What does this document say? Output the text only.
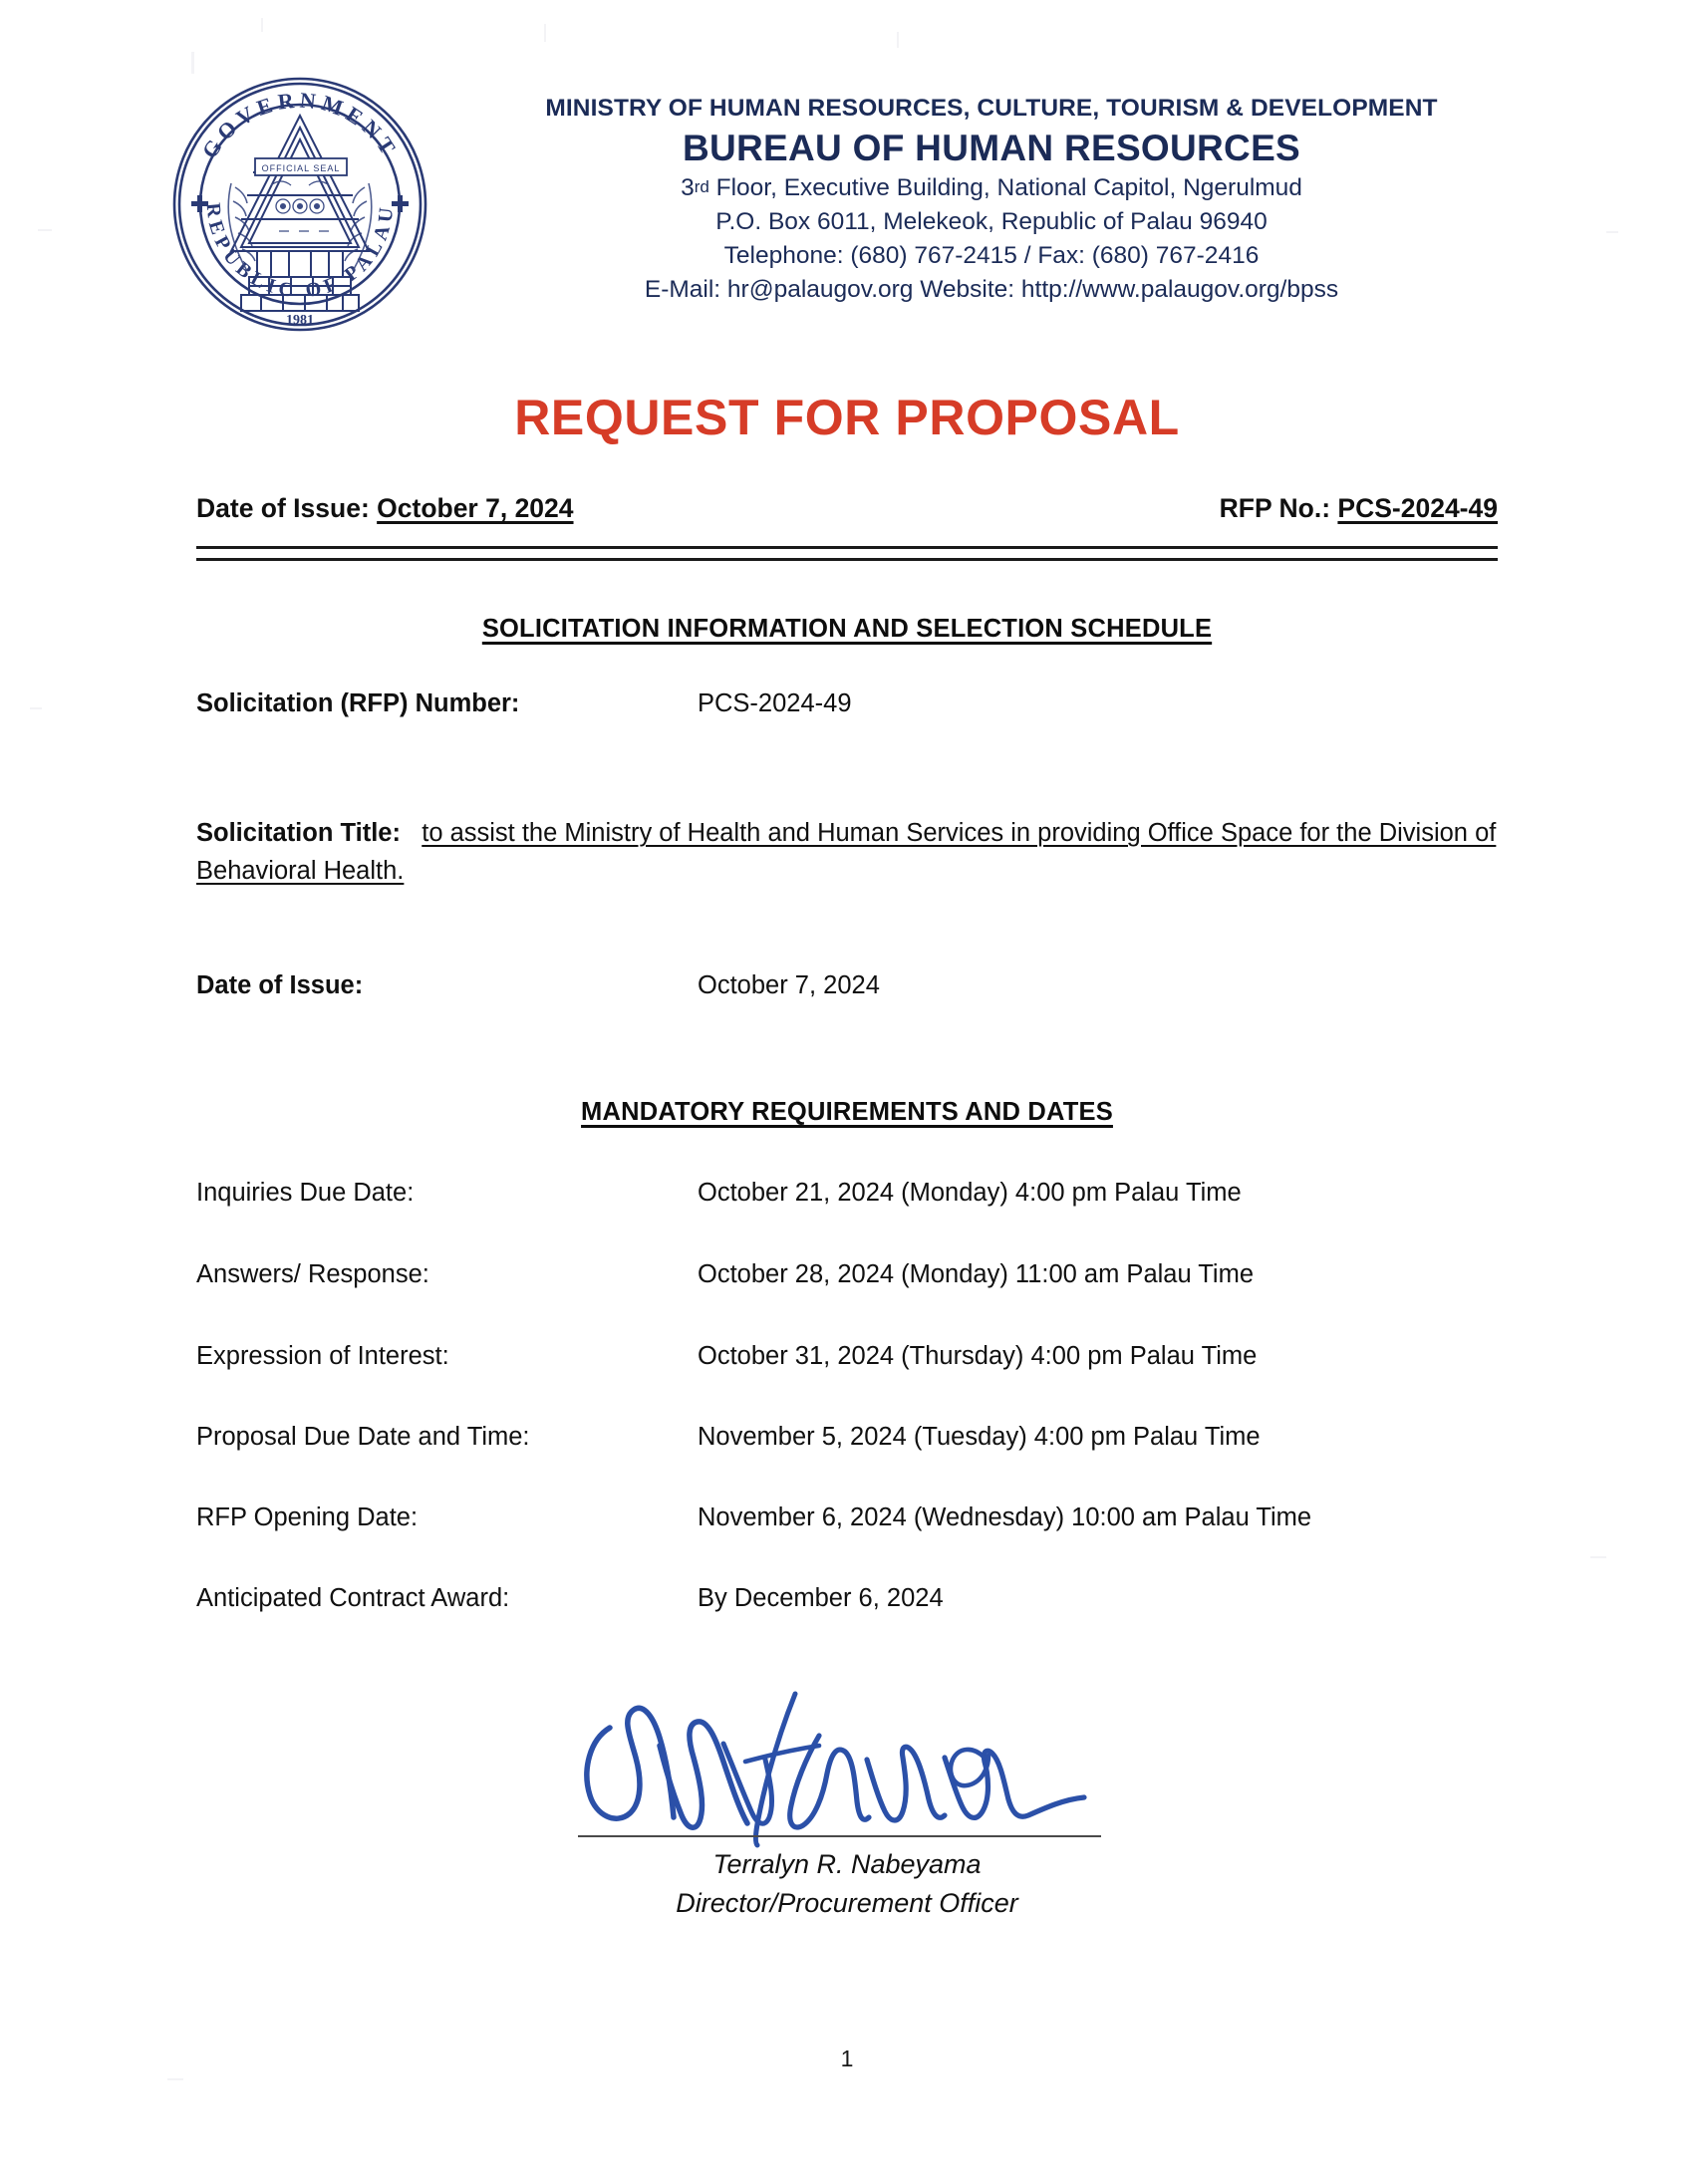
GOVERNMENT
REPUBLIC OF PALAU
OFFICIAL SEAL
1981
MINISTRY OF HUMAN RESOURCES, CULTURE, TOURISM & DEVELOPMENT
BUREAU OF HUMAN RESOURCES
3rd Floor, Executive Building, National Capitol, Ngerulmud
P.O. Box 6011, Melekeok, Republic of Palau 96940
Telephone: (680) 767-2415 / Fax: (680) 767-2416
E-Mail: hr@palaugov.org Website: http://www.palaugov.org/bpss
REQUEST FOR PROPOSAL
Date of Issue: October 7, 2024	RFP No.: PCS-2024-49
SOLICITATION INFORMATION AND SELECTION SCHEDULE
Solicitation (RFP) Number:	PCS-2024-49
Solicitation Title: to assist the Ministry of Health and Human Services in providing Office Space for the Division of Behavioral Health.
Date of Issue:	October 7, 2024
MANDATORY REQUIREMENTS AND DATES
Inquiries Due Date:	October 21, 2024 (Monday) 4:00 pm Palau Time
Answers/ Response:	October 28, 2024 (Monday) 11:00 am Palau Time
Expression of Interest:	October 31, 2024 (Thursday) 4:00 pm Palau Time
Proposal Due Date and Time:	November 5, 2024 (Tuesday) 4:00 pm Palau Time
RFP Opening Date:	November 6, 2024 (Wednesday) 10:00 am Palau Time
Anticipated Contract Award:	By December 6, 2024
Terralyn R. Nabeyama
Director/Procurement Officer
1
